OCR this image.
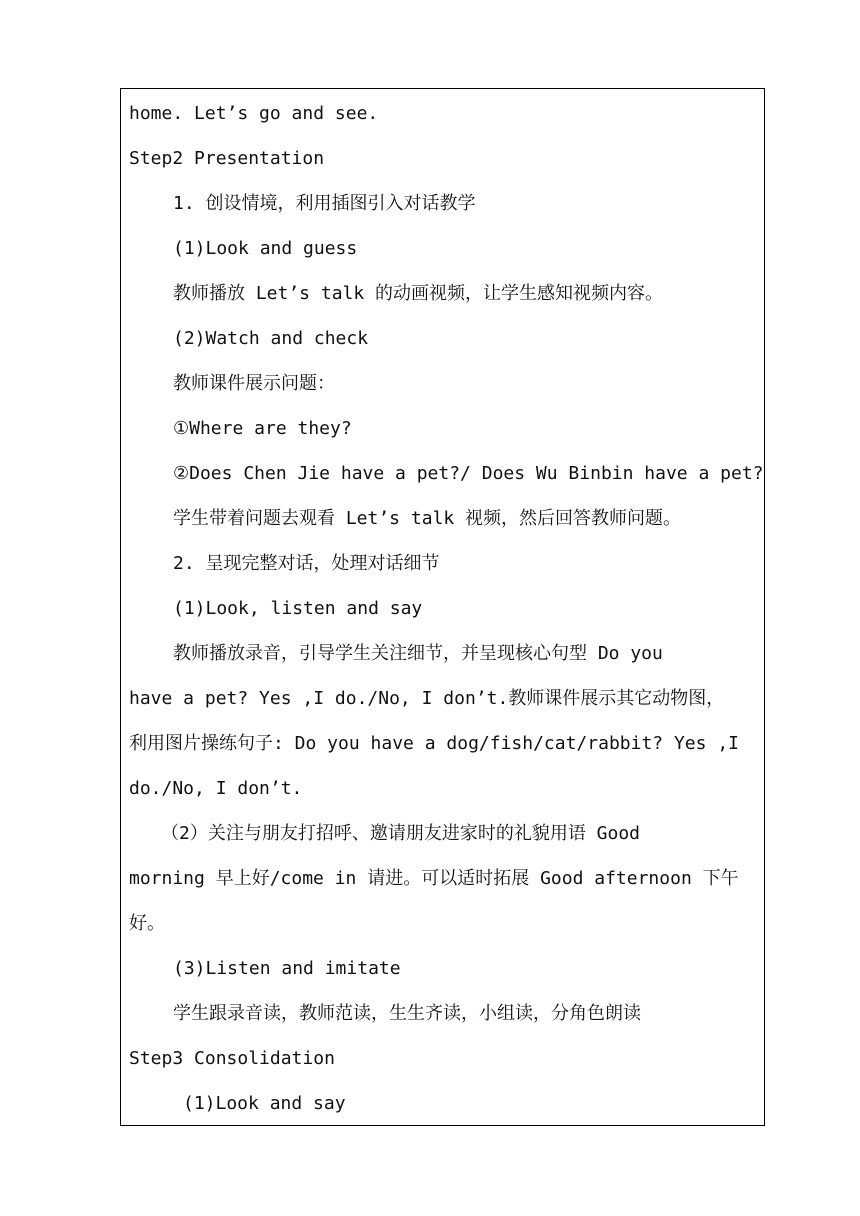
home. Let’s go and see.
Step2 Presentation
1. 创设情境，利用插图引入对话教学
(1)Look and guess
教师播放 Let’s talk 的动画视频，让学生感知视频内容。
(2)Watch and check
教师课件展示问题：
①Where are they?
②Does Chen Jie have a pet?/ Does Wu Binbin have a pet?
学生带着问题去观看 Let’s talk 视频，然后回答教师问题。
2. 呈现完整对话，处理对话细节
(1)Look, listen and say
教师播放录音，引导学生关注细节，并呈现核心句型 Do you
have a pet? Yes ,I do./No, I don’t.教师课件展示其它动物图，
利用图片操练句子: Do you have a dog/fish/cat/rabbit? Yes ,I
do./No, I don’t.
（2）关注与朋友打招呼、邀请朋友进家时的礼貌用语 Good
morning 早上好/come in 请进。可以适时拓展 Good afternoon 下午
好。
(3)Listen and imitate
学生跟录音读，教师范读，生生齐读，小组读，分角色朗读
Step3 Consolidation
(1)Look and say
